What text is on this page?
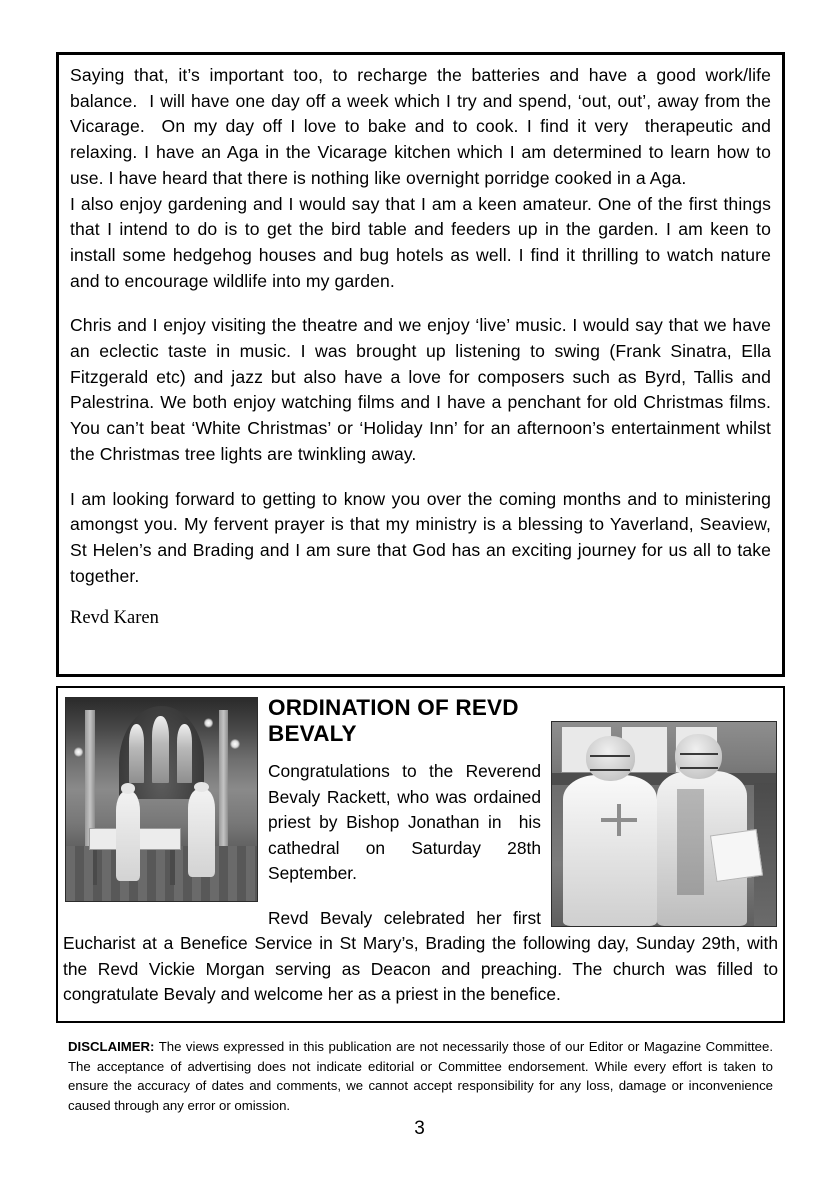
Saying that, it’s important too, to recharge the batteries and have a good work/life balance.  I will have one day off a week which I try and spend, ‘out, out’, away from the Vicarage.  On my day off I love to bake and to cook. I find it very  therapeutic and relaxing. I have an Aga in the Vicarage kitchen which I am determined to learn how to use. I have heard that there is nothing like overnight porridge cooked in a Aga.

I also enjoy gardening and I would say that I am a keen amateur. One of the first things that I intend to do is to get the bird table and feeders up in the garden. I am keen to install some hedgehog houses and bug hotels as well. I find it thrilling to watch nature and to encourage wildlife into my garden.

Chris and I enjoy visiting the theatre and we enjoy ‘live’ music. I would say that we have an eclectic taste in music. I was brought up listening to swing (Frank Sinatra, Ella Fitzgerald etc) and jazz but also have a love for composers such as Byrd, Tallis and Palestrina. We both enjoy watching films and I have a penchant for old Christmas films. You can’t beat ‘White Christmas’ or ‘Holiday Inn’ for an afternoon’s entertainment whilst the Christmas tree lights are twinkling away.

I am looking forward to getting to know you over the coming months and to ministering amongst you. My fervent prayer is that my ministry is a blessing to Yaverland, Seaview, St Helen’s and Brading and I am sure that God has an exciting journey for us all to take together.

Revd Karen

ORDINATION OF REVD BEVALY

Congratulations to the Reverend Bevaly Rackett, who was ordained priest by Bishop Jonathan in  his cathedral on Saturday 28th September.

Revd Bevaly celebrated her first Eucharist at a Benefice Service in St Mary’s, Brading the following day, Sunday 29th, with the Revd Vickie Morgan serving as Deacon and preaching. The church was filled to congratulate Bevaly and welcome her as a priest in the benefice.

DISCLAIMER: The views expressed in this publication are not necessarily those of our Editor or Magazine Committee. The acceptance of advertising does not indicate editorial or Committee endorsement. While every effort is taken to ensure the accuracy of dates and comments, we cannot accept responsibility for any loss, damage or inconvenience caused through any error or omission.
3
